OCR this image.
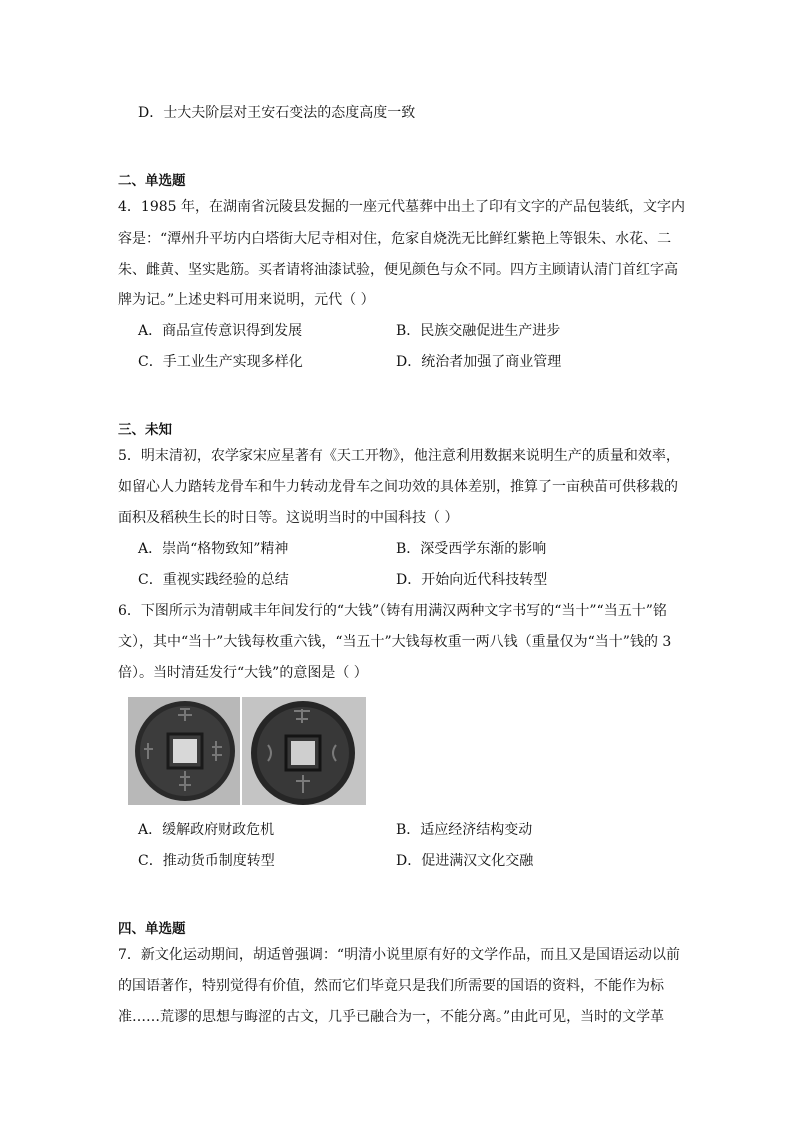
D．士大夫阶层对王安石变法的态度高度一致
二、单选题
4．1985 年，在湖南省沅陵县发掘的一座元代墓葬中出土了印有文字的产品包装纸，文字内
容是：“潭州升平坊内白塔街大尼寺相对住，危家自烧洗无比鲜红紫艳上等银朱、水花、二
朱、雌黄、坚实匙筋。买者请将油漆试验，便见颜色与众不同。四方主顾请认清门首红字高
牌为记。”上述史料可用来说明，元代（ ）
A．商品宣传意识得到发展	B．民族交融促进生产进步
C．手工业生产实现多样化	D．统治者加强了商业管理
三、未知
5．明末清初，农学家宋应星著有《天工开物》，他注意利用数据来说明生产的质量和效率，
如留心人力踏转龙骨车和牛力转动龙骨车之间功效的具体差别，推算了一亩秧苗可供移栽的
面积及稻秧生长的时日等。这说明当时的中国科技（ ）
A．崇尚“格物致知”精神	B．深受西学东渐的影响
C．重视实践经验的总结	D．开始向近代科技转型
6．下图所示为清朝咸丰年间发行的“大钱”（铸有用满汉两种文字书写的“当十”“当五十”铭
文），其中“当十”大钱每枚重六钱，“当五十”大钱每枚重一两八钱（重量仅为“当十”钱的 3
倍）。当时清廷发行“大钱”的意图是（ ）
A．缓解政府财政危机	B．适应经济结构变动
C．推动货币制度转型	D．促进满汉文化交融
四、单选题
7．新文化运动期间，胡适曾强调：“明清小说里原有好的文学作品，而且又是国语运动以前
的国语著作，特别觉得有价值，然而它们毕竟只是我们所需要的国语的资料，不能作为标
准……荒谬的思想与晦涩的古文，几乎已融合为一，不能分离。”由此可见，当时的文学革
